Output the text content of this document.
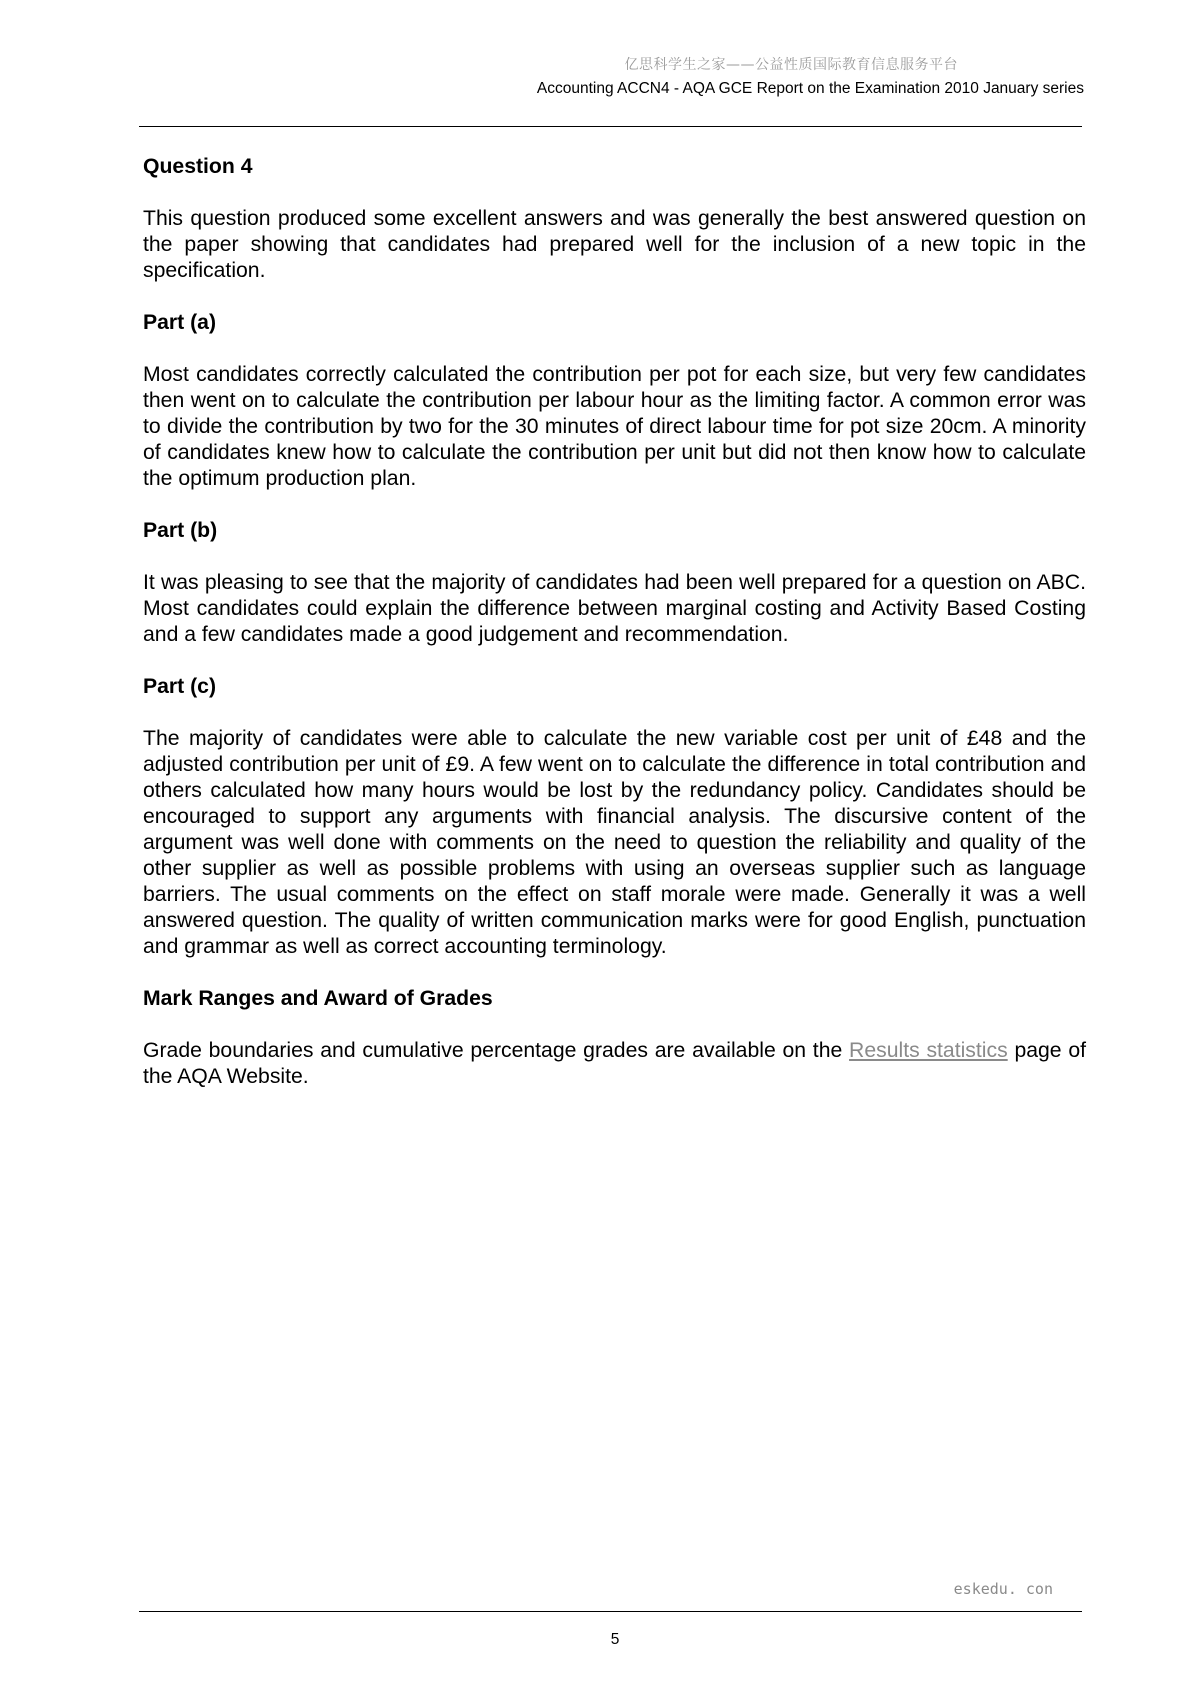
亿思科学生之家——公益性质国际教育信息服务平台
Accounting ACCN4 - AQA GCE Report on the Examination 2010 January series
Question 4

This question produced some excellent answers and was generally the best answered question on the paper showing that candidates had prepared well for the inclusion of a new topic in the specification.

Part (a)

Most candidates correctly calculated the contribution per pot for each size, but very few candidates then went on to calculate the contribution per labour hour as the limiting factor. A common error was to divide the contribution by two for the 30 minutes of direct labour time for pot size 20cm. A minority of candidates knew how to calculate the contribution per unit but did not then know how to calculate the optimum production plan.

Part (b)

It was pleasing to see that the majority of candidates had been well prepared for a question on ABC. Most candidates could explain the difference between marginal costing and Activity Based Costing and a few candidates made a good judgement and recommendation.

Part (c)

The majority of candidates were able to calculate the new variable cost per unit of £48 and the adjusted contribution per unit of £9. A few went on to calculate the difference in total contribution and others calculated how many hours would be lost by the redundancy policy. Candidates should be encouraged to support any arguments with financial analysis. The discursive content of the argument was well done with comments on the need to question the reliability and quality of the other supplier as well as possible problems with using an overseas supplier such as language barriers. The usual comments on the effect on staff morale were made. Generally it was a well answered question. The quality of written communication marks were for good English, punctuation and grammar as well as correct accounting terminology.

Mark Ranges and Award of Grades

Grade boundaries and cumulative percentage grades are available on the Results statistics page of the AQA Website.

eskedu. con
5
